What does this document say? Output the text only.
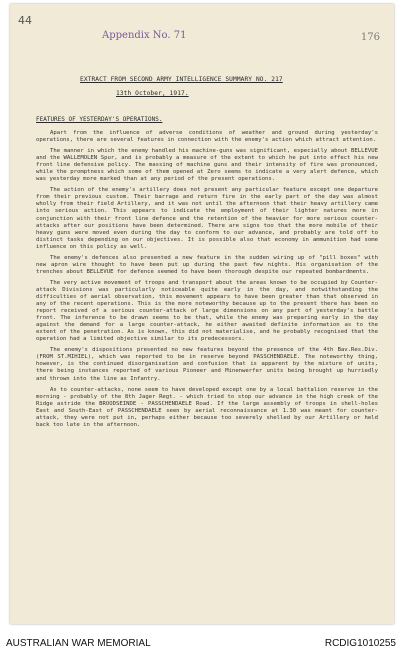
44
Appendix No. 71	176
EXTRACT FROM SECOND ARMY INTELLIGENCE SUMMARY NO. 217
13th October, 1917.
FEATURES OF YESTERDAY'S OPERATIONS.

Apart from the influence of adverse conditions of weather and ground during yesterday's operations, there are several features in connection with the enemy's action which attract attention.

The manner in which the enemy handled his machine-guns was significant, especially about BELLEVUE and the WALLEMOLEN Spur, and is probably a measure of the extent to which he put into effect his new front line defensive policy. The massing of machine guns and their intensity of fire was pronounced, while the promptness which some of them opened at Zero seems to indicate a very alert defence, which was yesterday more marked than at any period of the present operations.

The action of the enemy's artillery does not present any particular feature except one departure from their previous custom. Their barrage and return fire in the early part of the day was almost wholly from their field Artillery, and it was not until the afternoon that their heavy artillery came into serious action. This appears to indicate the employment of their lighter natures more in conjunction with their front line defence and the retention of the heavier for more serious counter-attacks after our positions have been determined. There are signs too that the more mobile of their heavy guns were moved even during the day to conform to our advance, and probably are told off to distinct tasks depending on our objectives. It is possible also that economy in ammunition had some influence on this policy as well.

The enemy's defences also presented a new feature in the sudden wiring up of "pill boxes" with new apron wire thought to have been put up during the past few nights. His organisation of the trenches about BELLEVUE for defence seemed to have been thorough despite our repeated bombardments.

The very active movement of troops and transport about the areas known to be occupied by Counter-attack Divisions was particularly noticeable quite early in the day, and notwithstanding the difficulties of aerial observation, this movement appears to have been greater than that observed in any of the recent operations. This is the more noteworthy because up to the present there has been no report received of a serious counter-attack of large dimensions on any part of yesterday's battle front. The inference to be drawn seems to be that, while the enemy was preparing early in the day against the demand for a large counter-attack, he either awaited definite information as to the extent of the penetration. As is known, this did not materialise, and he probably recognised that the operation had a limited objective similar to its predecessors.

The enemy's dispositions presented no new features beyond the presence of the 4th Bav.Res.Div. (FROM ST.MIHIEL), which was reported to be in reserve beyond PASSCHENDAELE. The noteworthy thing, however, is the continued disorganisation and confusion that is apparent by the mixture of units, there being instances reported of various Pioneer and Minenwerfer units being brought up hurriedly and thrown into the line as Infantry.

As to counter-attacks, none seem to have developed except one by a local battalion reserve in the morning - probably of the 8th Jager Regt. - which tried to stop our advance in the high creek of the Ridge astride the BROODSEINDE - PASSCHENDAELE Road. If the large assembly of troops in shell-holes East and South-East of PASSCHENDAELE seen by aerial reconnaissance at 1.30 was meant for counter-attack, they were not put in, perhaps either because too severely shelled by our Artillery or held back too late in the afternoon.

AUSTRALIAN WAR MEMORIAL	RCDIG1010255
